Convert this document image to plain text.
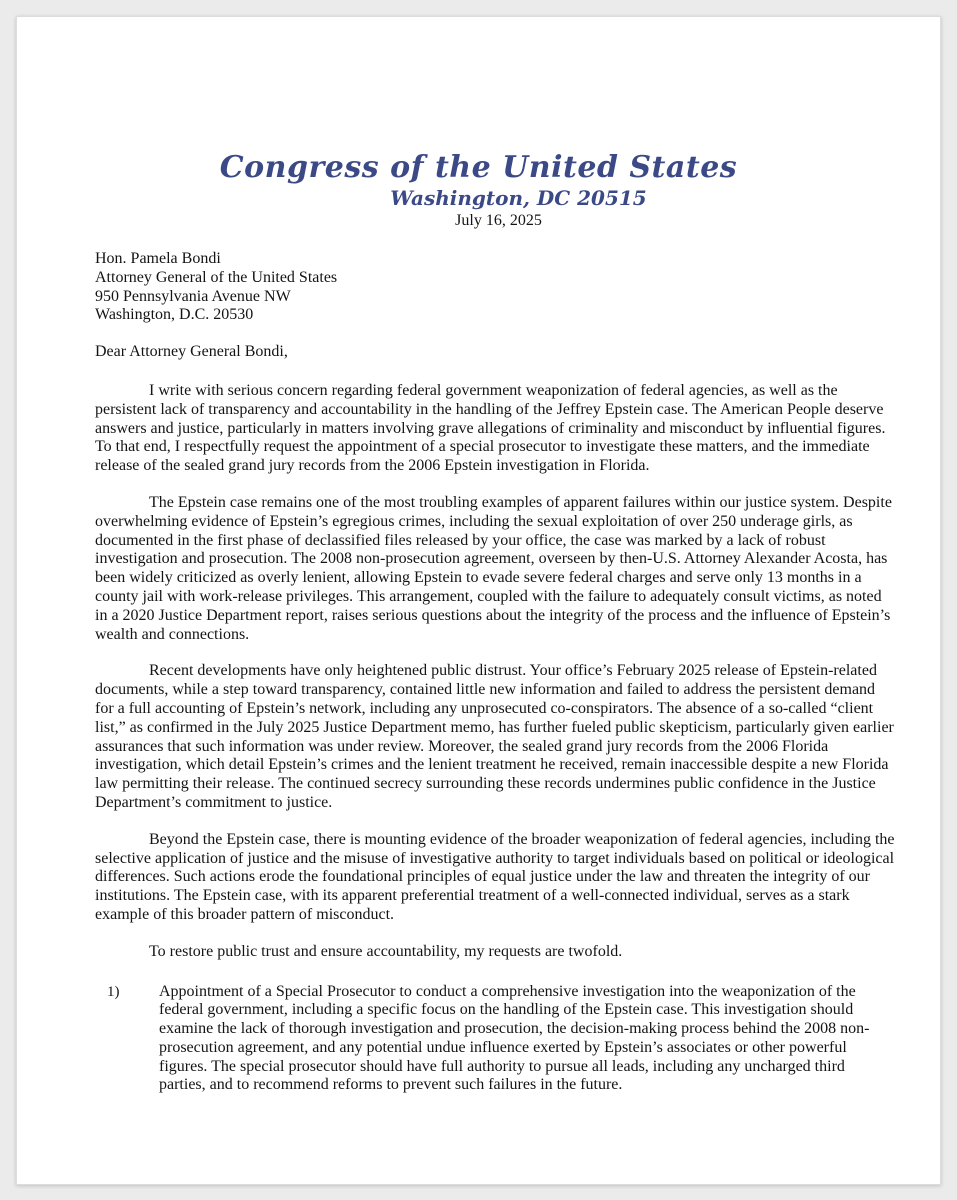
Congress of the United States
Washington, DC 20515
July 16, 2025
Hon. Pamela Bondi
Attorney General of the United States
950 Pennsylvania Avenue NW
Washington, D.C. 20530
Dear Attorney General Bondi,

I write with serious concern regarding federal government weaponization of federal agencies, as well as the persistent lack of transparency and accountability in the handling of the Jeffrey Epstein case. The American People deserve answers and justice, particularly in matters involving grave allegations of criminality and misconduct by influential figures. To that end, I respectfully request the appointment of a special prosecutor to investigate these matters, and the immediate release of the sealed grand jury records from the 2006 Epstein investigation in Florida.

The Epstein case remains one of the most troubling examples of apparent failures within our justice system. Despite overwhelming evidence of Epstein’s egregious crimes, including the sexual exploitation of over 250 underage girls, as documented in the first phase of declassified files released by your office, the case was marked by a lack of robust investigation and prosecution. The 2008 non-prosecution agreement, overseen by then-U.S. Attorney Alexander Acosta, has been widely criticized as overly lenient, allowing Epstein to evade severe federal charges and serve only 13 months in a county jail with work-release privileges. This arrangement, coupled with the failure to adequately consult victims, as noted in a 2020 Justice Department report, raises serious questions about the integrity of the process and the influence of Epstein’s wealth and connections.

Recent developments have only heightened public distrust. Your office’s February 2025 release of Epstein-related documents, while a step toward transparency, contained little new information and failed to address the persistent demand for a full accounting of Epstein’s network, including any unprosecuted co-conspirators. The absence of a so-called “client list,” as confirmed in the July 2025 Justice Department memo, has further fueled public skepticism, particularly given earlier assurances that such information was under review. Moreover, the sealed grand jury records from the 2006 Florida investigation, which detail Epstein’s crimes and the lenient treatment he received, remain inaccessible despite a new Florida law permitting their release. The continued secrecy surrounding these records undermines public confidence in the Justice Department’s commitment to justice.

Beyond the Epstein case, there is mounting evidence of the broader weaponization of federal agencies, including the selective application of justice and the misuse of investigative authority to target individuals based on political or ideological differences. Such actions erode the foundational principles of equal justice under the law and threaten the integrity of our institutions. The Epstein case, with its apparent preferential treatment of a well-connected individual, serves as a stark example of this broader pattern of misconduct.

To restore public trust and ensure accountability, my requests are twofold.

1) Appointment of a Special Prosecutor to conduct a comprehensive investigation into the weaponization of the federal government, including a specific focus on the handling of the Epstein case. This investigation should examine the lack of thorough investigation and prosecution, the decision-making process behind the 2008 non-prosecution agreement, and any potential undue influence exerted by Epstein’s associates or other powerful figures. The special prosecutor should have full authority to pursue all leads, including any uncharged third parties, and to recommend reforms to prevent such failures in the future.
